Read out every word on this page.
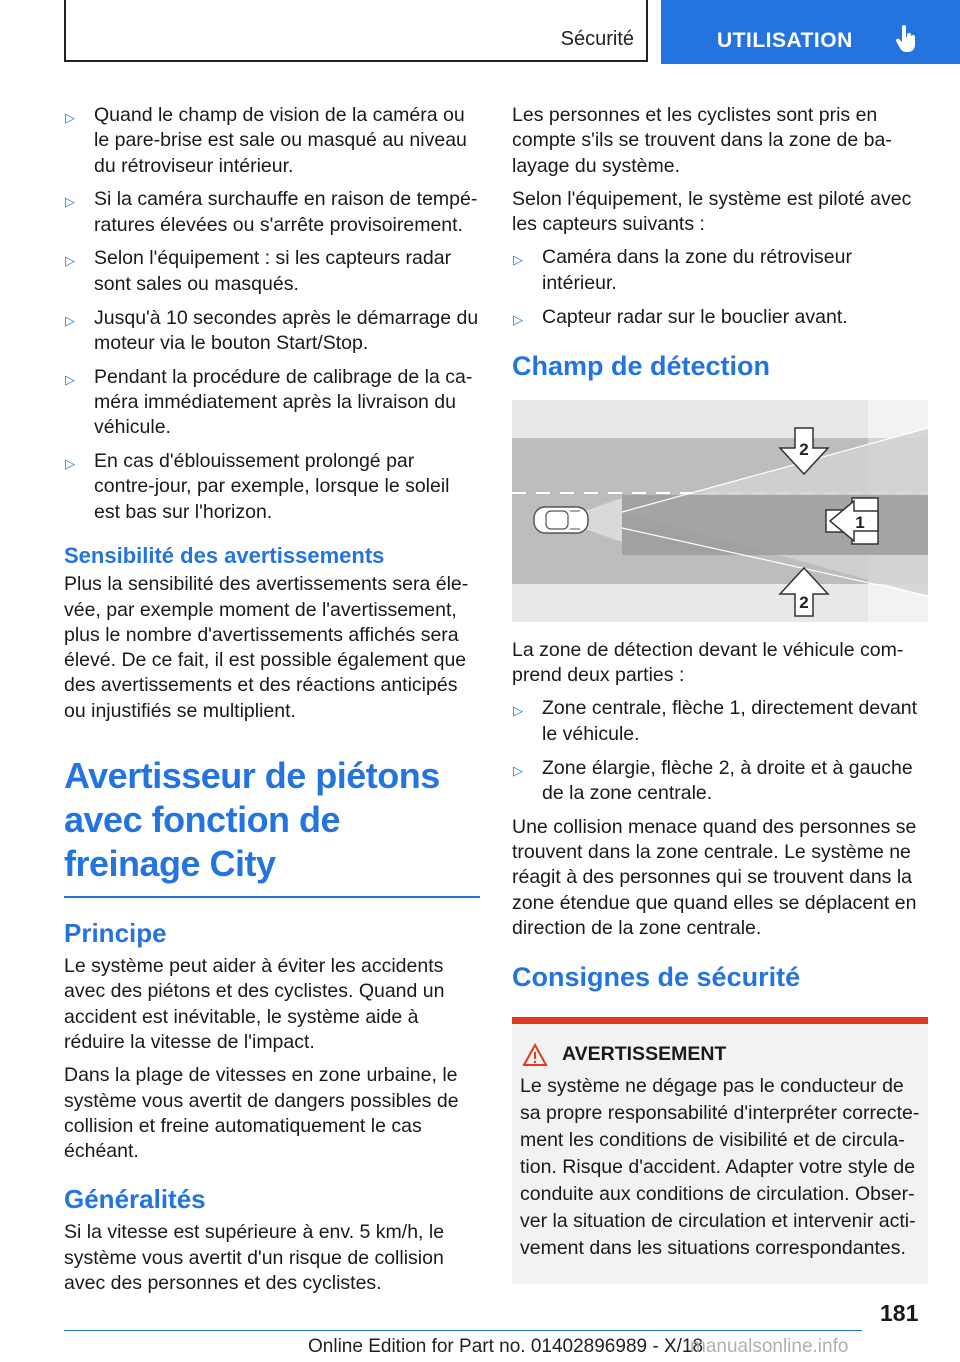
Sécurité	UTILISATION
▷ Quand le champ de vision de la caméra ou le pare-brise est sale ou masqué au niveau du rétroviseur intérieur.
▷ Si la caméra surchauffe en raison de températures élevées ou s'arrête provisoirement.
▷ Selon l'équipement : si les capteurs radar sont sales ou masqués.
▷ Jusqu'à 10 secondes après le démarrage du moteur via le bouton Start/Stop.
▷ Pendant la procédure de calibrage de la caméra immédiatement après la livraison du véhicule.
▷ En cas d'éblouissement prolongé par contre-jour, par exemple, lorsque le soleil est bas sur l'horizon.
Sensibilité des avertissements

Plus la sensibilité des avertissements sera élevée, par exemple moment de l'avertissement, plus le nombre d'avertissements affichés sera élevé. De ce fait, il est possible également que des avertissements et des réactions anticipés ou injustifiés se multiplient.

Avertisseur de piétons avec fonction de freinage City
Principe

Le système peut aider à éviter les accidents avec des piétons et des cyclistes. Quand un accident est inévitable, le système aide à réduire la vitesse de l'impact.

Dans la plage de vitesses en zone urbaine, le système vous avertit de dangers possibles de collision et freine automatiquement le cas échéant.

Généralités

Si la vitesse est supérieure à env. 5 km/h, le système vous avertit d'un risque de collision avec des personnes et des cyclistes.

Les personnes et les cyclistes sont pris en compte s'ils se trouvent dans la zone de balayage du système.

Selon l'équipement, le système est piloté avec les capteurs suivants :

▷ Caméra dans la zone du rétroviseur intérieur.
▷ Capteur radar sur le bouclier avant.
Champ de détection
2
1
2

La zone de détection devant le véhicule comprend deux parties :

▷ Zone centrale, flèche 1, directement devant le véhicule.
▷ Zone élargie, flèche 2, à droite et à gauche de la zone centrale.

Une collision menace quand des personnes se trouvent dans la zone centrale. Le système ne réagit à des personnes qui se trouvent dans la zone étendue que quand elles se déplacent en direction de la zone centrale.

Consignes de sécurité
AVERTISSEMENT
Le système ne dégage pas le conducteur de sa propre responsabilité d'interpréter correctement les conditions de visibilité et de circulation. Risque d'accident. Adapter votre style de conduite aux conditions de circulation. Observer la situation de circulation et intervenir activement dans les situations correspondantes.
181
Online Edition for Part no. 01402896989 - X/18
manualsonline.info
